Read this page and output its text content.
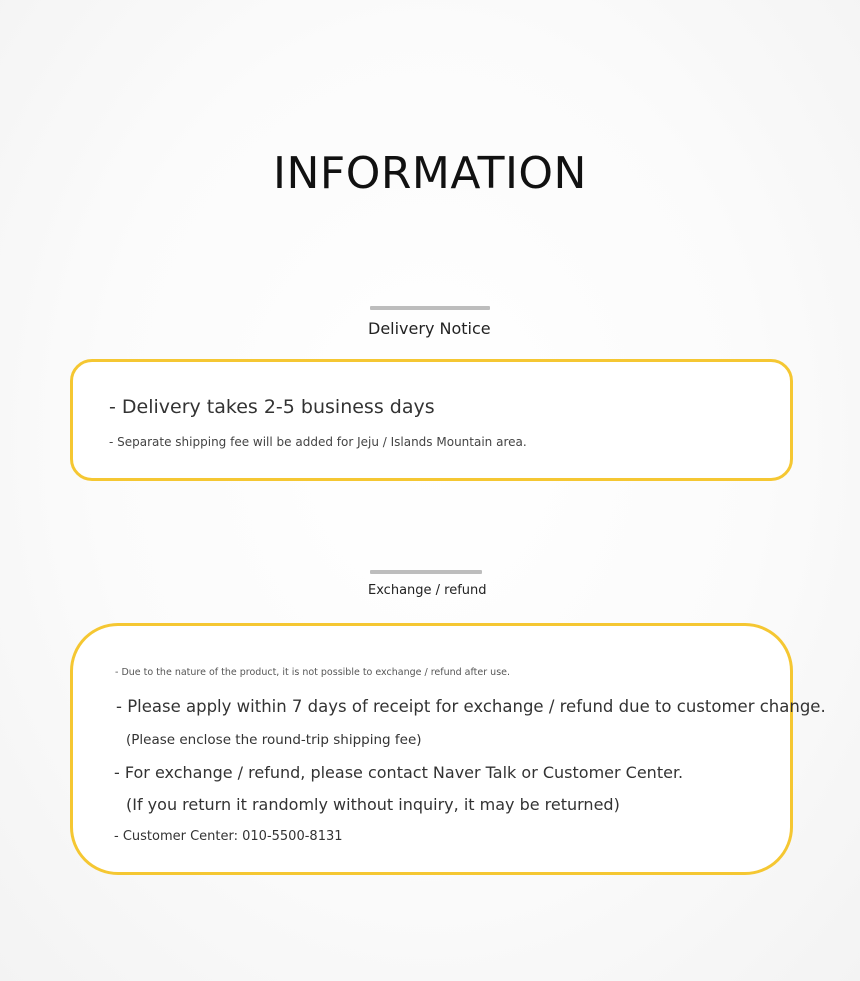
INFORMATION
Delivery Notice
- Delivery takes 2-5 business days
- Separate shipping fee will be added for Jeju / Islands Mountain area.
Exchange / refund
- Due to the nature of the product, it is not possible to exchange / refund after use.
- Please apply within 7 days of receipt for exchange / refund due to customer change.
(Please enclose the round-trip shipping fee)
- For exchange / refund, please contact Naver Talk or Customer Center.
(If you return it randomly without inquiry, it may be returned)
- Customer Center: 010-5500-8131
